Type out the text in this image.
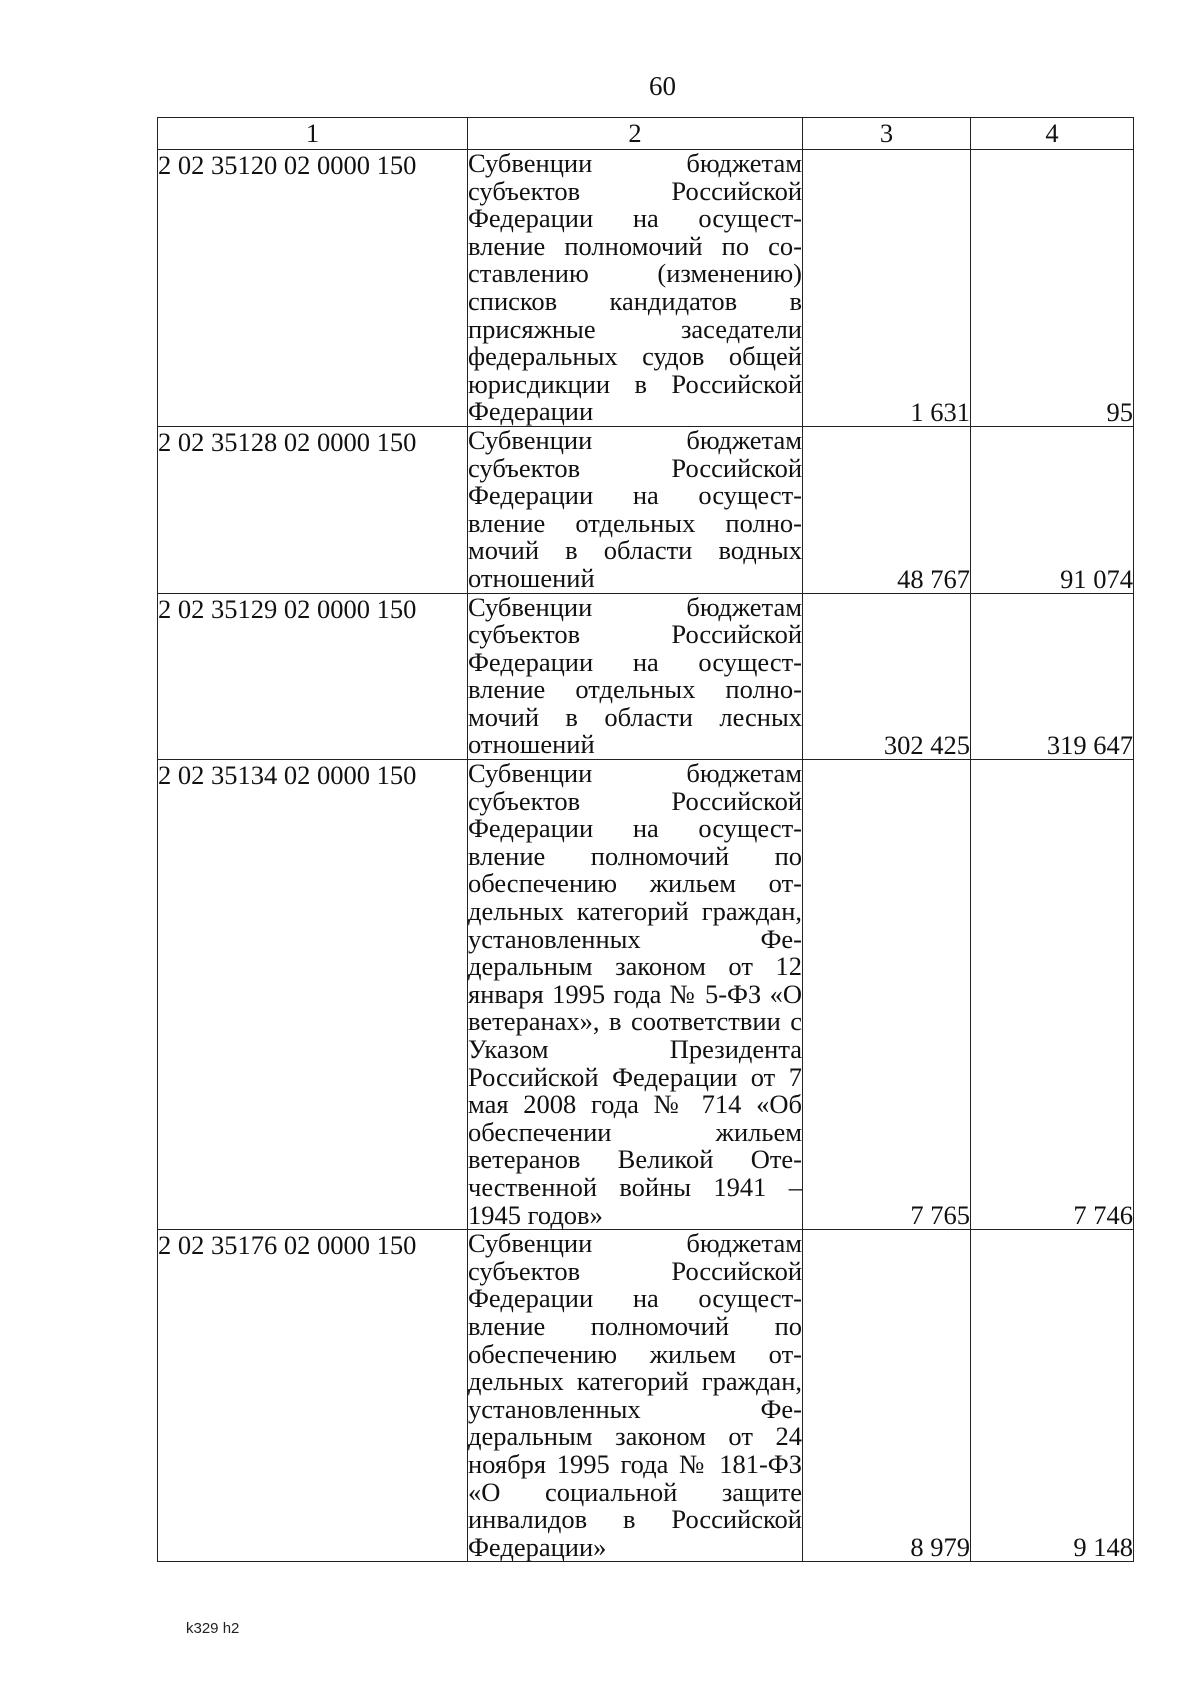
60
1	2	3	4
2 02 35120 02 0000 150	Субвенции бюджетам субъектов Российской Федерации на осуществление полномочий по составлению (изменению) списков кандидатов в присяжные заседатели федеральных судов общей юрисдикции в Российской Федерации	1 631	95
2 02 35128 02 0000 150	Субвенции бюджетам субъектов Российской Федерации на осуществление отдельных полномочий в области водных отношений	48 767	91 074
2 02 35129 02 0000 150	Субвенции бюджетам субъектов Российской Федерации на осуществление отдельных полномочий в области лесных отношений	302 425	319 647
2 02 35134 02 0000 150	Субвенции бюджетам субъектов Российской Федерации на осуществление полномочий по обеспечению жильем отдельных категорий граждан, установленных Федеральным законом от 12 января 1995 года № 5-ФЗ «О ветеранах», в соответствии с Указом Президента Российской Федерации от 7 мая 2008 года № 714 «Об обеспечении жильем ветеранов Великой Отечественной войны 1941 – 1945 годов»	7 765	7 746
2 02 35176 02 0000 150	Субвенции бюджетам субъектов Российской Федерации на осуществление полномочий по обеспечению жильем отдельных категорий граждан, установленных Федеральным законом от 24 ноября 1995 года № 181-ФЗ «О социальной защите инвалидов в Российской Федерации»	8 979	9 148
k329 h2
